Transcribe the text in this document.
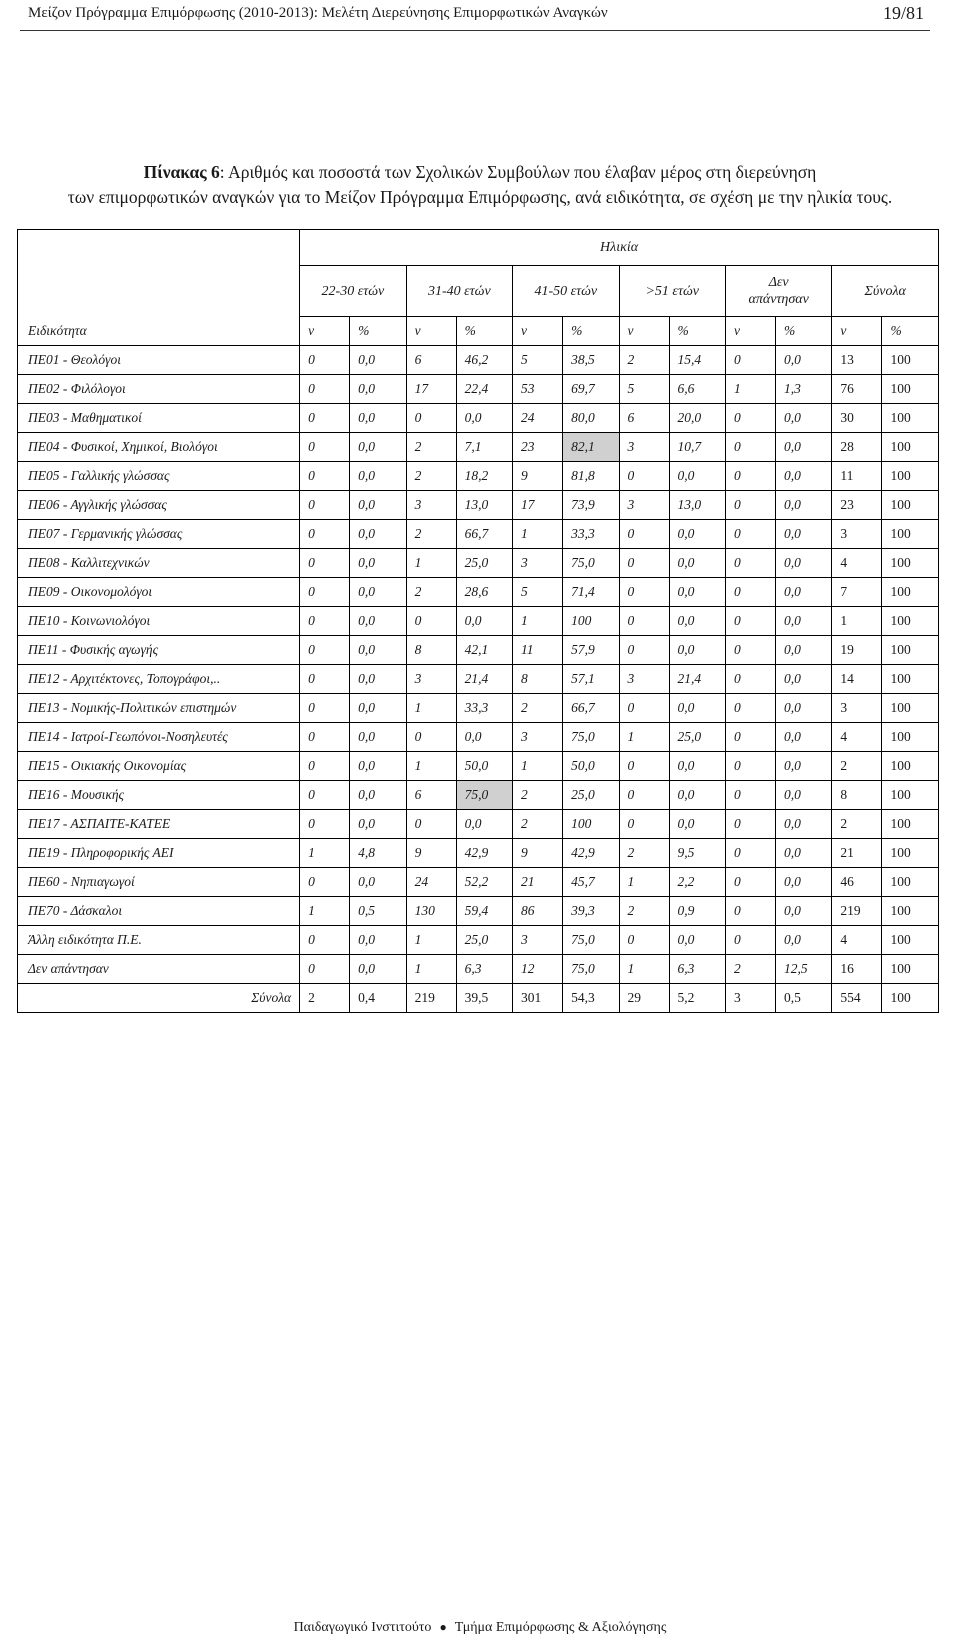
Μείζον Πρόγραμμα Επιμόρφωσης (2010-2013): Μελέτη Διερεύνησης Επιμορφωτικών Αναγκών	19/81
Πίνακας 6: Αριθμός και ποσοστά των Σχολικών Συμβούλων που έλαβαν μέρος στη διερεύνηση
των επιμορφωτικών αναγκών για το Μείζον Πρόγραμμα Επιμόρφωσης, ανά ειδικότητα, σε σχέση με την ηλικία τους.
	Ηλικία											
	22-30 ετών		31-40 ετών		41-50 ετών		>51 ετών		Δεν απάντησαν		Σύνολα	
Ειδικότητα	ν	%	ν	%	ν	%	ν	%	ν	%	ν	%
ΠΕ01 - Θεολόγοι	0	0,0	6	46,2	5	38,5	2	15,4	0	0,0	13	100
ΠΕ02 - Φιλόλογοι	0	0,0	17	22,4	53	69,7	5	6,6	1	1,3	76	100
ΠΕ03 - Μαθηματικοί	0	0,0	0	0,0	24	80,0	6	20,0	0	0,0	30	100
ΠΕ04 - Φυσικοί, Χημικοί, Βιολόγοι	0	0,0	2	7,1	23	82,1	3	10,7	0	0,0	28	100
ΠΕ05 - Γαλλικής γλώσσας	0	0,0	2	18,2	9	81,8	0	0,0	0	0,0	11	100
ΠΕ06 - Αγγλικής γλώσσας	0	0,0	3	13,0	17	73,9	3	13,0	0	0,0	23	100
ΠΕ07 - Γερμανικής γλώσσας	0	0,0	2	66,7	1	33,3	0	0,0	0	0,0	3	100
ΠΕ08 - Καλλιτεχνικών	0	0,0	1	25,0	3	75,0	0	0,0	0	0,0	4	100
ΠΕ09 - Οικονομολόγοι	0	0,0	2	28,6	5	71,4	0	0,0	0	0,0	7	100
ΠΕ10 - Κοινωνιολόγοι	0	0,0	0	0,0	1	100	0	0,0	0	0,0	1	100
ΠΕ11 - Φυσικής αγωγής	0	0,0	8	42,1	11	57,9	0	0,0	0	0,0	19	100
ΠΕ12 - Αρχιτέκτονες, Τοπογράφοι,..	0	0,0	3	21,4	8	57,1	3	21,4	0	0,0	14	100
ΠΕ13 - Νομικής-Πολιτικών επιστημών	0	0,0	1	33,3	2	66,7	0	0,0	0	0,0	3	100
ΠΕ14 - Ιατροί-Γεωπόνοι-Νοσηλευτές	0	0,0	0	0,0	3	75,0	1	25,0	0	0,0	4	100
ΠΕ15 - Οικιακής Οικονομίας	0	0,0	1	50,0	1	50,0	0	0,0	0	0,0	2	100
ΠΕ16 - Μουσικής	0	0,0	6	75,0	2	25,0	0	0,0	0	0,0	8	100
ΠΕ17 - ΑΣΠΑΙΤΕ-ΚΑΤΕΕ	0	0,0	0	0,0	2	100	0	0,0	0	0,0	2	100
ΠΕ19 - Πληροφορικής ΑΕΙ	1	4,8	9	42,9	9	42,9	2	9,5	0	0,0	21	100
ΠΕ60 - Νηπιαγωγοί	0	0,0	24	52,2	21	45,7	1	2,2	0	0,0	46	100
ΠΕ70 - Δάσκαλοι	1	0,5	130	59,4	86	39,3	2	0,9	0	0,0	219	100
Άλλη ειδικότητα Π.Ε.	0	0,0	1	25,0	3	75,0	0	0,0	0	0,0	4	100
Δεν απάντησαν	0	0,0	1	6,3	12	75,0	1	6,3	2	12,5	16	100
Σύνολα	2	0,4	219	39,5	301	54,3	29	5,2	3	0,5	554	100
Παιδαγωγικό Ινστιτούτο ● Τμήμα Επιμόρφωσης & Αξιολόγησης
